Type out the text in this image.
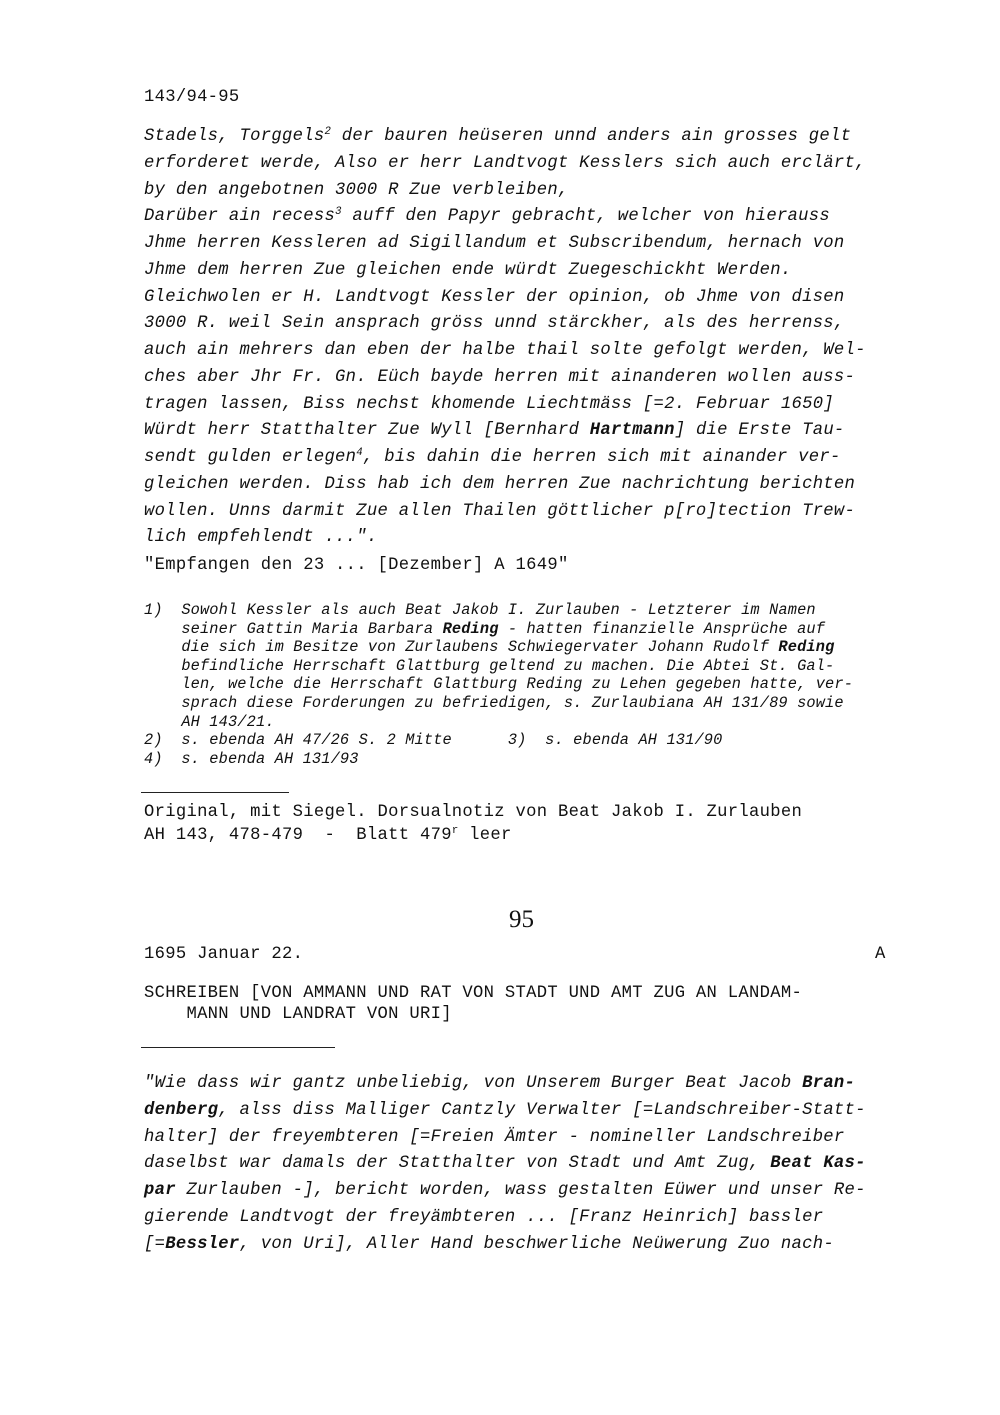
143/94-95
Stadels, Torggels$^2$ der bauren heüseren unnd anders ain grosses gelt
erforderet werde, Also er herr Landtvogt Kesslers sich auch erclärt,
by den angebotnen 3000 R Zue verbleiben,
Darüber ain recess$^3$ auff den Papyr gebracht, welcher von hierauss
Jhme herren Kessleren ad Sigillandum et Subscribendum, hernach von
Jhme dem herren Zue gleichen ende würdt Zuegeschickht Werden.
Gleichwolen er H. Landtvogt Kessler der opinion, ob Jhme von disen
3000 R. weil Sein ansprach gröss unnd stärckher, als des herrenss,
auch ain mehrers dan eben der halbe thail solte gefolgt werden, Wel-
ches aber Jhr Fr. Gn. Eüch bayde herren mit ainanderen wollen auss-
tragen lassen, Biss nechst khomende Liechtmäss [=2. Februar 1650]
Würdt herr Statthalter Zue Wyll [Bernhard Hartmann] die Erste Tau-
sendt gulden erlegen$^4$, bis dahin die herren sich mit ainander ver-
gleichen werden. Diss hab ich dem herren Zue nachrichtung berichten
wollen. Unns darmit Zue allen Thailen göttlicher p[ro]tection Trew-
lich empfehlendt ...".
"Empfangen den 23 ... [Dezember] A 1649"
1)  Sowohl Kessler als auch Beat Jakob I. Zurlauben - Letzterer im Namen
seiner Gattin Maria Barbara Reding - hatten finanzielle Ansprüche auf
die sich im Besitze von Zurlaubens Schwiegervater Johann Rudolf Reding
befindliche Herrschaft Glattburg geltend zu machen. Die Abtei St. Gal-
len, welche die Herrschaft Glattburg Reding zu Lehen gegeben hatte, ver-
sprach diese Forderungen zu befriedigen, s. Zurlaubiana AH 131/89 sowie
AH 143/21.
2)  s. ebenda AH 47/26 S. 2 Mitte      3)  s. ebenda AH 131/90
4)  s. ebenda AH 131/93
Original, mit Siegel. Dorsualnotiz von Beat Jakob I. Zurlauben
AH 143, 478-479  -  Blatt 479$^r$ leer
95
1695 Januar 22.	A
SCHREIBEN [VON AMMANN UND RAT VON STADT UND AMT ZUG AN LANDAM-
MANN UND LANDRAT VON URI]
"Wie dass wir gantz unbeliebig, von Unserem Burger Beat Jacob Bran-
denberg, alss diss Malliger Cantzly Verwalter [=Landschreiber-Statt-
halter] der freyembteren [=Freien Ämter - nomineller Landschreiber
daselbst war damals der Statthalter von Stadt und Amt Zug, Beat Kas-
par Zurlauben -], bericht worden, wass gestalten Eüwer und unser Re-
gierende Landtvogt der freyämbteren ... [Franz Heinrich] bassler
[=Bessler, von Uri], Aller Hand beschwerliche Neüwerung Zuo nach-
